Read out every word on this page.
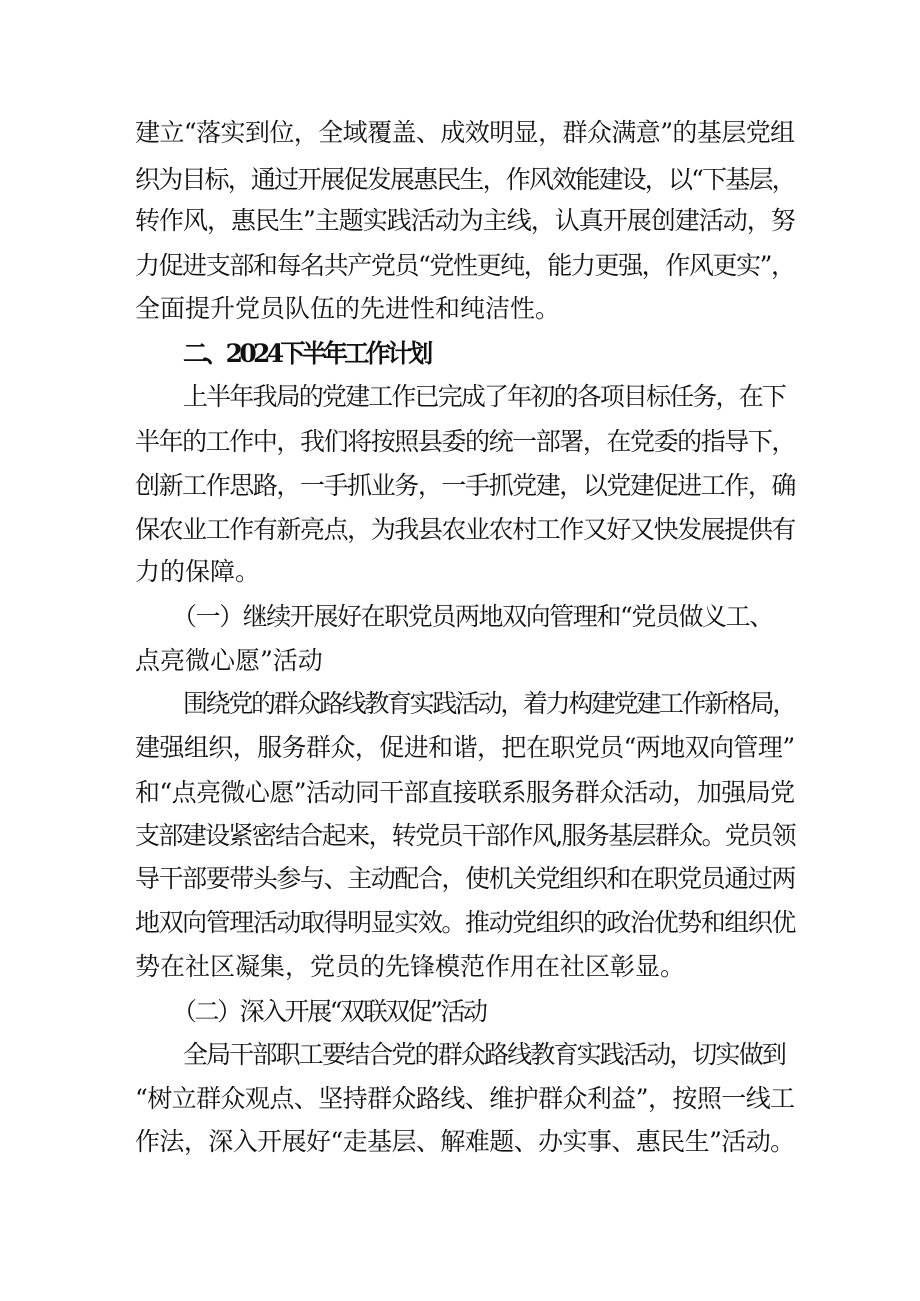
建立“落实到位，全域覆盖、成效明显，群众满意”的基层党组
织为目标，通过开展促发展惠民生，作风效能建设，以“下基层，
转作风，惠民生”主题实践活动为主线，认真开展创建活动，努
力促进支部和每名共产党员“党性更纯，能力更强，作风更实”，
全面提升党员队伍的先进性和纯洁性。
二、2024下半年工作计划
上半年我局的党建工作已完成了年初的各项目标任务，在下
半年的工作中，我们将按照县委的统一部署，在党委的指导下，
创新工作思路，一手抓业务，一手抓党建，以党建促进工作，确
保农业工作有新亮点，为我县农业农村工作又好又快发展提供有
力的保障。
（一）继续开展好在职党员两地双向管理和“党员做义工、
点亮微心愿”活动
围绕党的群众路线教育实践活动，着力构建党建工作新格局，
建强组织，服务群众，促进和谐，把在职党员“两地双向管理”
和“点亮微心愿”活动同干部直接联系服务群众活动，加强局党
支部建设紧密结合起来，转党员干部作风,服务基层群众。党员领
导干部要带头参与、主动配合，使机关党组织和在职党员通过两
地双向管理活动取得明显实效。推动党组织的政治优势和组织优
势在社区凝集，党员的先锋模范作用在社区彰显。
（二）深入开展“双联双促”活动
全局干部职工要结合党的群众路线教育实践活动，切实做到
“树立群众观点、坚持群众路线、维护群众利益”，按照一线工
作法，深入开展好“走基层、解难题、办实事、惠民生”活动。
